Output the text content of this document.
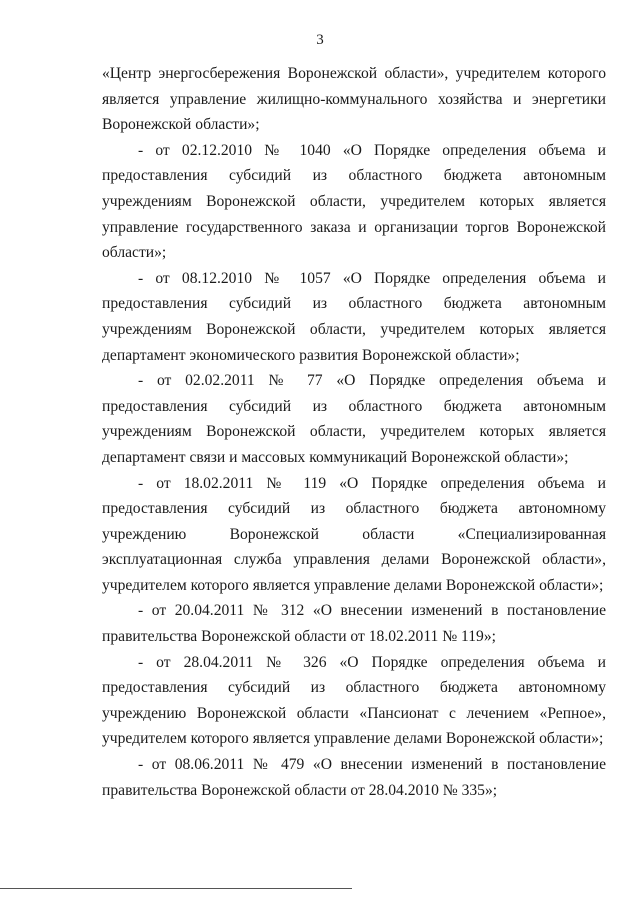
3

«Центр энергосбережения Воронежской области», учредителем которого является управление жилищно-коммунального хозяйства и энергетики Воронежской области»;

- от 02.12.2010 № 1040 «О Порядке определения объема и предоставления субсидий из областного бюджета автономным учреждениям Воронежской области, учредителем которых является управление государственного заказа и организации торгов Воронежской области»;

- от 08.12.2010 № 1057 «О Порядке определения объема и предоставления субсидий из областного бюджета автономным учреждениям Воронежской области, учредителем которых является департамент экономического развития Воронежской области»;

- от 02.02.2011 № 77 «О Порядке определения объема и предоставления субсидий из областного бюджета автономным учреждениям Воронежской области, учредителем которых является департамент связи и массовых коммуникаций Воронежской области»;

- от 18.02.2011 № 119 «О Порядке определения объема и предоставления субсидий из областного бюджета автономному учреждению Воронежской области «Специализированная эксплуатационная служба управления делами Воронежской области», учредителем которого является управление делами Воронежской области»;

- от 20.04.2011 № 312 «О внесении изменений в постановление правительства Воронежской области от 18.02.2011 № 119»;

- от 28.04.2011 № 326 «О Порядке определения объема и предоставления субсидий из областного бюджета автономному учреждению Воронежской области «Пансионат с лечением «Репное», учредителем которого является управление делами Воронежской области»;

- от 08.06.2011 № 479 «О внесении изменений в постановление правительства Воронежской области от 28.04.2010 № 335»;
